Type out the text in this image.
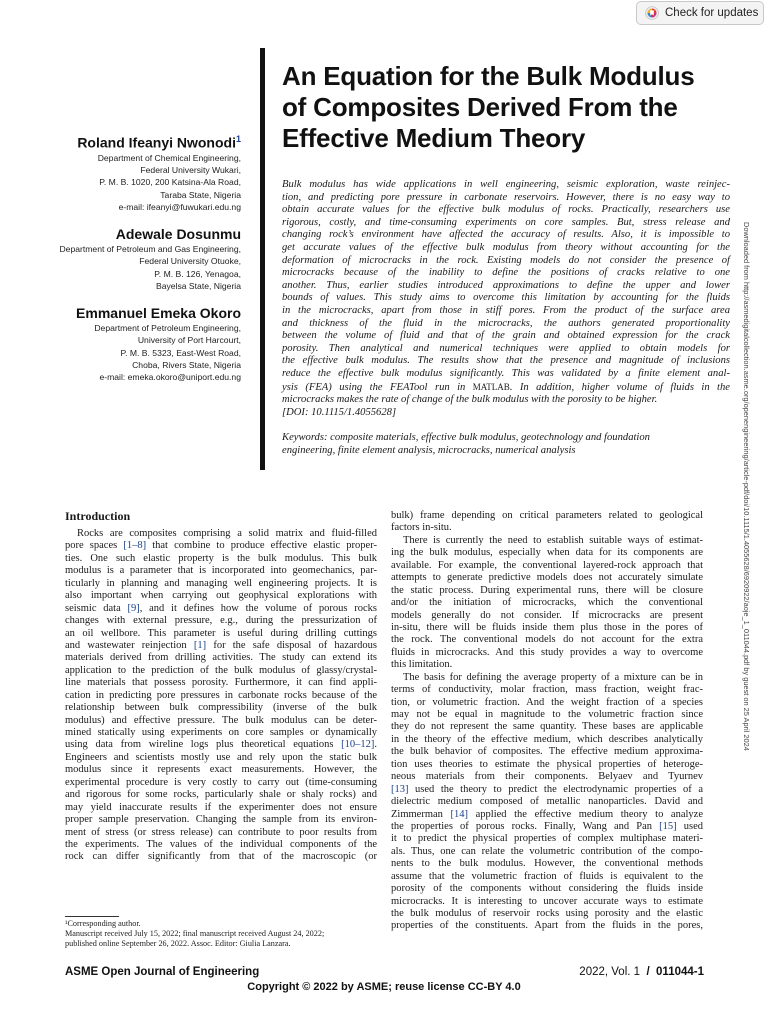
Check for updates
An Equation for the Bulk Modulus
of Composites Derived From the
Effective Medium Theory
Roland Ifeanyi Nwonodi$^1$
Department of Chemical Engineering,
Federal University Wukari,
P. M. B. 1020, 200 Katsina-Ala Road,
Taraba State, Nigeria
e-mail: ifeanyi@fuwukari.edu.ng
Adewale Dosunmu
Department of Petroleum and Gas Engineering,
Federal University Otuoke,
P. M. B. 126, Yenagoa,
Bayelsa State, Nigeria
Emmanuel Emeka Okoro
Department of Petroleum Engineering,
University of Port Harcourt,
P. M. B. 5323, East-West Road,
Choba, Rivers State, Nigeria
e-mail: emeka.okoro@uniport.edu.ng
Bulk modulus has wide applications in well engineering, seismic exploration, waste reinjec-
tion, and predicting pore pressure in carbonate reservoirs. However, there is no easy way to
obtain accurate values for the effective bulk modulus of rocks. Practically, researchers use
rigorous, costly, and time-consuming experiments on core samples. But, stress release and
changing rock’s environment have affected the accuracy of results. Also, it is impossible to
get accurate values of the effective bulk modulus from theory without accounting for the
deformation of microcracks in the rock. Existing models do not consider the presence of
microcracks because of the inability to define the positions of cracks relative to one
another. Thus, earlier studies introduced approximations to define the upper and lower
bounds of values. This study aims to overcome this limitation by accounting for the fluids
in the microcracks, apart from those in stiff pores. From the product of the surface area
and thickness of the fluid in the microcracks, the authors generated proportionality
between the volume of fluid and that of the grain and obtained expression for the crack
porosity. Then analytical and numerical techniques were applied to obtain models for
the effective bulk modulus. The results show that the presence and magnitude of inclusions
reduce the effective bulk modulus significantly. This was validated by a finite element anal-
ysis (FEA) using the FEATool run in MATLAB. In addition, higher volume of fluids in the
microcracks makes the rate of change of the bulk modulus with the porosity to be higher.
[DOI: 10.1115/1.4055628]
Keywords: composite materials, effective bulk modulus, geotechnology and foundation
engineering, finite element analysis, microcracks, numerical analysis	Downloaded from http://asmedigitalcollection.asme.org/openengineering/article-pdf/doi/10.1115/1.4055628/6920922/aoje_1_011044.pdf by guest on 25 April 2024
Introduction
Rocks are composites comprising a solid matrix and fluid-filled
pore spaces [1–8] that combine to produce effective elastic proper-
ties. One such elastic property is the bulk modulus. This bulk
modulus is a parameter that is incorporated into geomechanics, par-
ticularly in planning and managing well engineering projects. It is
also important when carrying out geophysical explorations with
seismic data [9], and it defines how the volume of porous rocks
changes with external pressure, e.g., during the pressurization of
an oil wellbore. This parameter is useful during drilling cuttings
and wastewater reinjection [1] for the safe disposal of hazardous
materials derived from drilling activities. The study can extend its
application to the prediction of the bulk modulus of glassy/crystal-
line materials that possess porosity. Furthermore, it can find appli-
cation in predicting pore pressures in carbonate rocks because of the
relationship between bulk compressibility (inverse of the bulk
modulus) and effective pressure. The bulk modulus can be deter-
mined statically using experiments on core samples or dynamically
using data from wireline logs plus theoretical equations [10–12].
Engineers and scientists mostly use and rely upon the static bulk
modulus since it represents exact measurements. However, the
experimental procedure is very costly to carry out (time-consuming
and rigorous for some rocks, particularly shale or shaly rocks) and
may yield inaccurate results if the experimenter does not ensure
proper sample preservation. Changing the sample from its environ-
ment of stress (or stress release) can contribute to poor results from
the experiments. The values of the individual components of the
rock can differ significantly from that of the macroscopic (or
bulk) frame depending on critical parameters related to geological
factors in-situ.
There is currently the need to establish suitable ways of estimat-
ing the bulk modulus, especially when data for its components are
available. For example, the conventional layered-rock approach that
attempts to generate predictive models does not accurately simulate
the static process. During experimental runs, there will be closure
and/or the initiation of microcracks, which the conventional
models generally do not consider. If microcracks are present
in-situ, there will be fluids inside them plus those in the pores of
the rock. The conventional models do not account for the extra
fluids in microcracks. And this study provides a way to overcome
this limitation.
The basis for defining the average property of a mixture can be in
terms of conductivity, molar fraction, mass fraction, weight frac-
tion, or volumetric fraction. And the weight fraction of a species
may not be equal in magnitude to the volumetric fraction since
they do not represent the same quantity. These bases are applicable
in the theory of the effective medium, which describes analytically
the bulk behavior of composites. The effective medium approxima-
tion uses theories to estimate the physical properties of heteroge-
neous materials from their components. Belyaev and Tyurnev
[13] used the theory to predict the electrodynamic properties of a
dielectric medium composed of metallic nanoparticles. David and
Zimmerman [14] applied the effective medium theory to analyze
the properties of porous rocks. Finally, Wang and Pan [15] used
it to predict the physical properties of complex multiphase materi-
als. Thus, one can relate the volumetric contribution of the compo-
nents to the bulk modulus. However, the conventional methods
assume that the volumetric fraction of fluids is equivalent to the
porosity of the components without considering the fluids inside
microcracks. It is interesting to uncover accurate ways to estimate
the bulk modulus of reservoir rocks using porosity and the elastic
properties of the constituents. Apart from the fluids in the pores,
¹Corresponding author.
Manuscript received July 15, 2022; final manuscript received August 24, 2022;
published online September 26, 2022. Assoc. Editor: Giulia Lanzara.
ASME Open Journal of Engineering	2022, Vol. 1 / 011044-1
Copyright © 2022 by ASME; reuse license CC-BY 4.0
